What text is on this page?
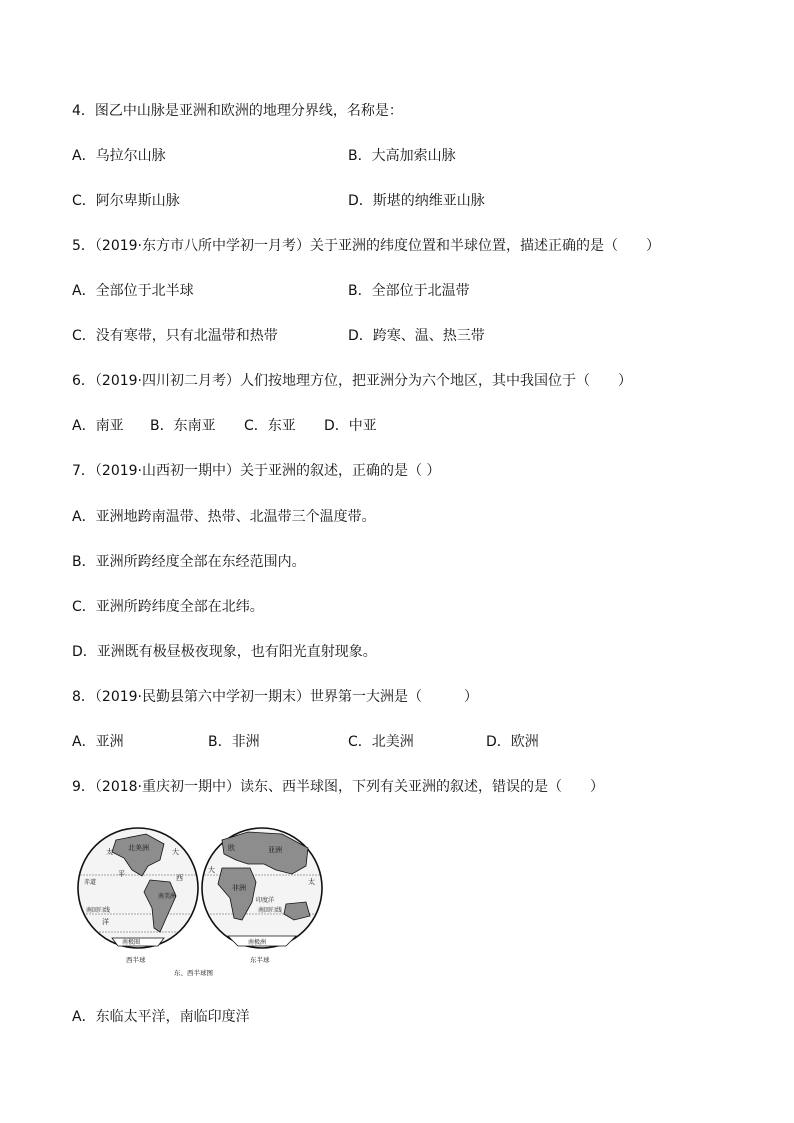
4．图乙中山脉是亚洲和欧洲的地理分界线，名称是：
A．乌拉尔山脉	B．大高加索山脉
C．阿尔卑斯山脉	D．斯堪的纳维亚山脉
5．（2019·东方市八所中学初一月考）关于亚洲的纬度位置和半球位置，描述正确的是（　　）
A．全部位于北半球	B．全部位于北温带
C．没有寒带，只有北温带和热带	D．跨寒、温、热三带
6．（2019·四川初二月考）人们按地理方位，把亚洲分为六个地区，其中我国位于（　　）
A．南亚 B．东南亚 C．东亚 D．中亚
7．（2019·山西初一期中）关于亚洲的叙述，正确的是（ ）
A．亚洲地跨南温带、热带、北温带三个温度带。
B．亚洲所跨经度全部在东经范围内。
C．亚洲所跨纬度全部在北纬。
D．亚洲既有极昼极夜现象，也有阳光直射现象。
8．（2019·民勤县第六中学初一期末）世界第一大洲是（　　　）
A．亚洲	B．非洲	C．北美洲	D．欧洲
9．（2018·重庆初一期中）读东、西半球图，下列有关亚洲的叙述，错误的是（　　）
北美洲
南美洲
太
平
洋
大
西
赤道
南回归线
南极圈
亚洲
欧
非洲
印度洋
南回归线
南极洲
大
太
西半球	东半球
东、西半球图
A．东临太平洋，南临印度洋
